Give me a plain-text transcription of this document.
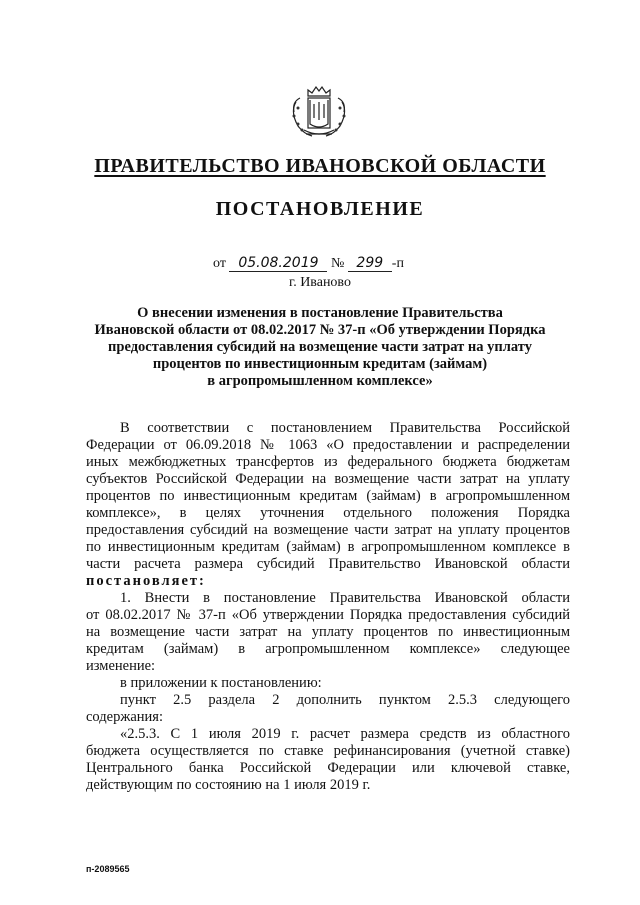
ПРАВИТЕЛЬСТВО ИВАНОВСКОЙ ОБЛАСТИ
ПОСТАНОВЛЕНИЕ
от 05.08.2019 № 299 -п
г. Иваново
О внесении изменения в постановление Правительства
Ивановской области от 08.02.2017 № 37-п «Об утверждении Порядка
предоставления субсидий на возмещение части затрат на уплату
процентов по инвестиционным кредитам (займам)
в агропромышленном комплексе»

В соответствии с постановлением Правительства Российской

Федерации от 06.09.2018 № 1063 «О предоставлении и распределении

иных межбюджетных трансфертов из федерального бюджета бюджетам

субъектов Российской Федерации на возмещение части затрат на уплату

процентов по инвестиционным кредитам (займам) в агропромышленном

комплексе», в целях уточнения отдельного положения Порядка

предоставления субсидий на возмещение части затрат на уплату процентов

по инвестиционным кредитам (займам) в агропромышленном комплексе в

части расчета размера субсидий Правительство Ивановской области

постановляет:

1. Внести в постановление Правительства Ивановской области

от 08.02.2017 № 37-п «Об утверждении Порядка предоставления субсидий

на возмещение части затрат на уплату процентов по инвестиционным

кредитам (займам) в агропромышленном комплексе» следующее

изменение:

в приложении к постановлению:

пункт 2.5 раздела 2 дополнить пунктом 2.5.3 следующего

содержания:

«2.5.3. С 1 июля 2019 г. расчет размера средств из областного

бюджета осуществляется по ставке рефинансирования (учетной ставке)

Центрального банка Российской Федерации или ключевой ставке,

действующим по состоянию на 1 июля 2019 г.

п-2089565
